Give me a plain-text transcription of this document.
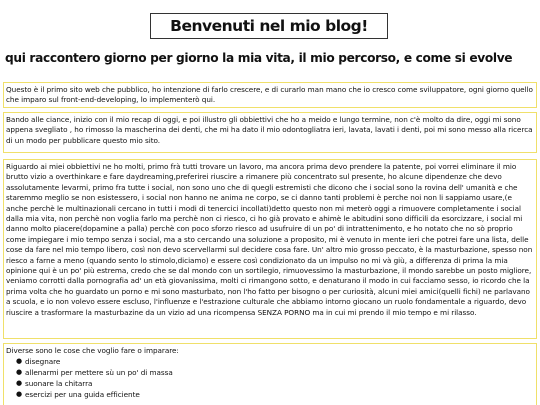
Benvenuti nel mio blog!
qui raccontero giorno per giorno la mia vita, il mio percorso, e come si evolve

Questo è il primo sito web che pubblico, ho intenzione di farlo crescere, e di curarlo man mano che io cresco come sviluppatore, ogni giorno quello che imparo sul front-end-developing, lo implementerò qui.

Bando alle ciance, inizio con il mio recap di oggi, e poi illustro gli obbiettivi che ho a meido e lungo termine, non c'è molto da dire, oggi mi sono appena svegliato , ho rimosso la mascherina dei denti, che mi ha dato il mio odontogliatra ieri, lavata, lavati i denti, poi mi sono messo alla ricerca di un modo per pubblicare questo mio sito.

Riguardo ai miei obbiettivi ne ho molti, primo frà tutti trovare un lavoro, ma ancora prima devo prendere la patente, poi vorrei eliminare il mio brutto vizio a overthinkare e fare daydreaming,preferirei riuscire a rimanere più concentrato sul presente, ho alcune dipendenze che devo assolutamente levarmi, primo fra tutte i social, non sono uno che di quegli estremisti che dicono che i social sono la rovina dell' umanità e che staremmo meglio se non esistessero, i social non hanno ne anima ne corpo, se ci danno tanti problemi è perche noi non li sappiamo usare,(e anche perchè le multinazionali cercano in tutti i modi di tenercici incollati)detto questo non mi meterò oggi a rimuovere completamente i social dalla mia vita, non perchè non voglia farlo ma perchè non ci riesco, ci ho già provato e ahimè le abitudini sono difficili da esorcizzare, i social mi danno molto piacere(dopamine a palla) perchè con poco sforzo riesco ad usufruire di un po' di intrattenimento, e ho notato che no sò proprio come impiegare i mio tempo senza i social, ma a sto cercando una soluzione a proposito, mi è venuto in mente ieri che potrei fare una lista, delle cose da fare nel mio tempo libero, così non devo scervellarmi sul decidere cosa fare. Un' altro mio grosso peccato, è la masturbazione, spesso non riesco a farne a meno (quando sento lo stimolo,diciamo) e essere così condizionato da un impulso no mi và giù, a differenza di prima la mia opinione qui è un po' più estrema, credo che se dal mondo con un sortilegio, rimuovessimo la masturbazione, il mondo sarebbe un posto migliore, veniamo corrotti dalla pornografia ad' un età giovanissima, molti ci rimangono sotto, e denaturano il modo in cui facciamo sesso, io ricordo che la prima volta che ho guardato un porno e mi sono masturbato, non l'ho fatto per bisogno o per curiosità, alcuni miei amici(quelli fichi) ne parlavano a scuola, e io non volevo essere escluso, l'influenze e l'estrazione culturale che abbiamo intorno giocano un ruolo fondamentale a riguardo, devo riuscire a trasformare la masturbazine da un vizio ad una ricompensa SENZA PORNO ma in cui mi prendo il mio tempo e mi rilasso.

Diverse sono le cose che voglio fare o imparare:

● disegnare
● allenarmi per mettere sù un po' di massa
● suonare la chitarra
● esercizi per una guida efficiente
